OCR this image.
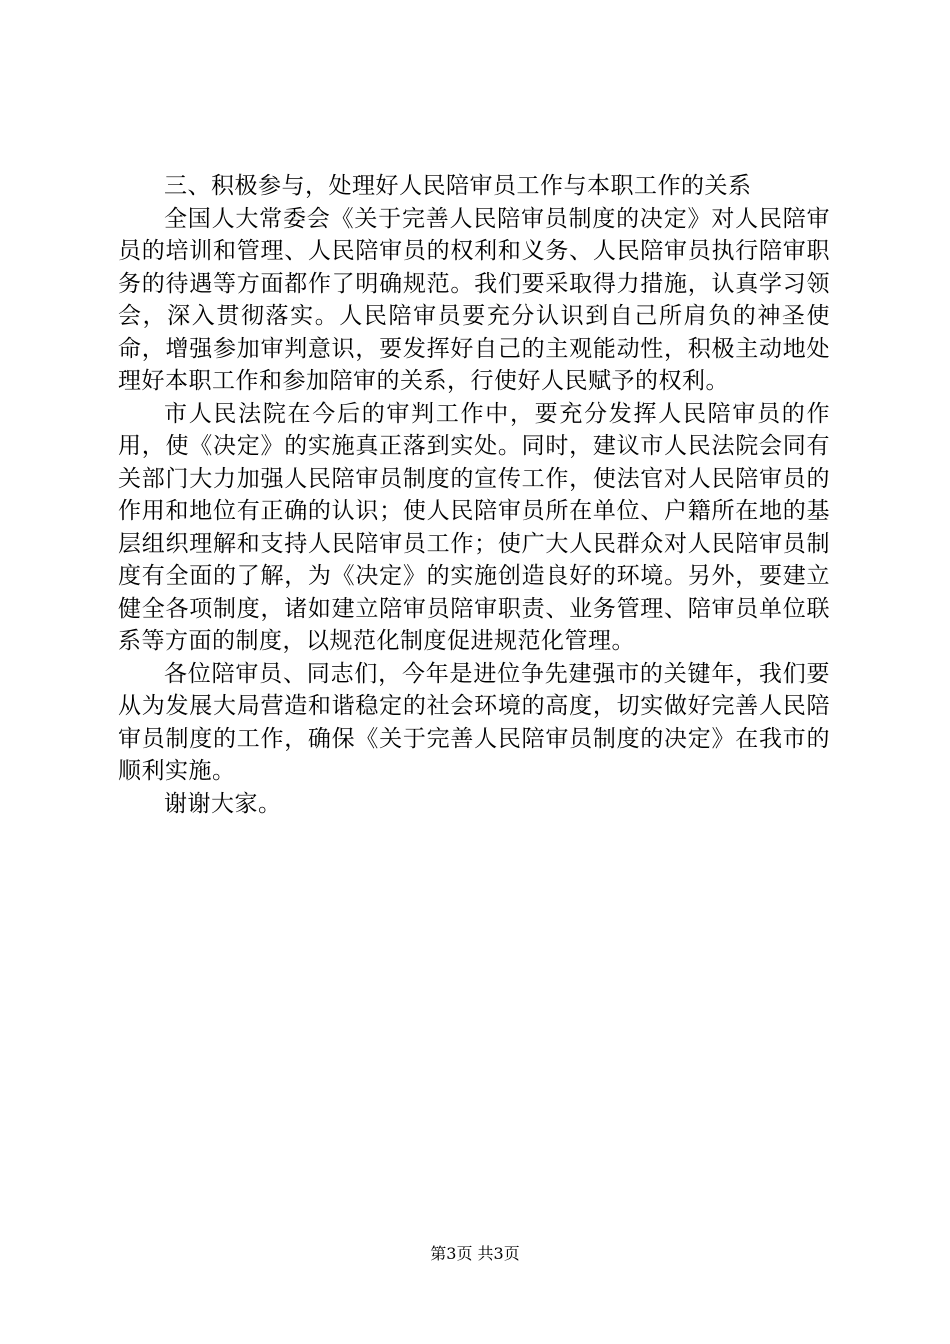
三、积极参与，处理好人民陪审员工作与本职工作的关系

全国人大常委会《关于完善人民陪审员制度的决定》对人民陪审员的培训和管理、人民陪审员的权利和义务、人民陪审员执行陪审职务的待遇等方面都作了明确规范。我们要采取得力措施，认真学习领会，深入贯彻落实。人民陪审员要充分认识到自己所肩负的神圣使命，增强参加审判意识，要发挥好自己的主观能动性，积极主动地处理好本职工作和参加陪审的关系，行使好人民赋予的权利。

市人民法院在今后的审判工作中，要充分发挥人民陪审员的作用，使《决定》的实施真正落到实处。同时，建议市人民法院会同有关部门大力加强人民陪审员制度的宣传工作，使法官对人民陪审员的作用和地位有正确的认识；使人民陪审员所在单位、户籍所在地的基层组织理解和支持人民陪审员工作；使广大人民群众对人民陪审员制度有全面的了解，为《决定》的实施创造良好的环境。另外，要建立健全各项制度，诸如建立陪审员陪审职责、业务管理、陪审员单位联系等方面的制度，以规范化制度促进规范化管理。

各位陪审员、同志们，今年是进位争先建强市的关键年，我们要从为发展大局营造和谐稳定的社会环境的高度，切实做好完善人民陪审员制度的工作，确保《关于完善人民陪审员制度的决定》在我市的顺利实施。

谢谢大家。

第3页 共3页
